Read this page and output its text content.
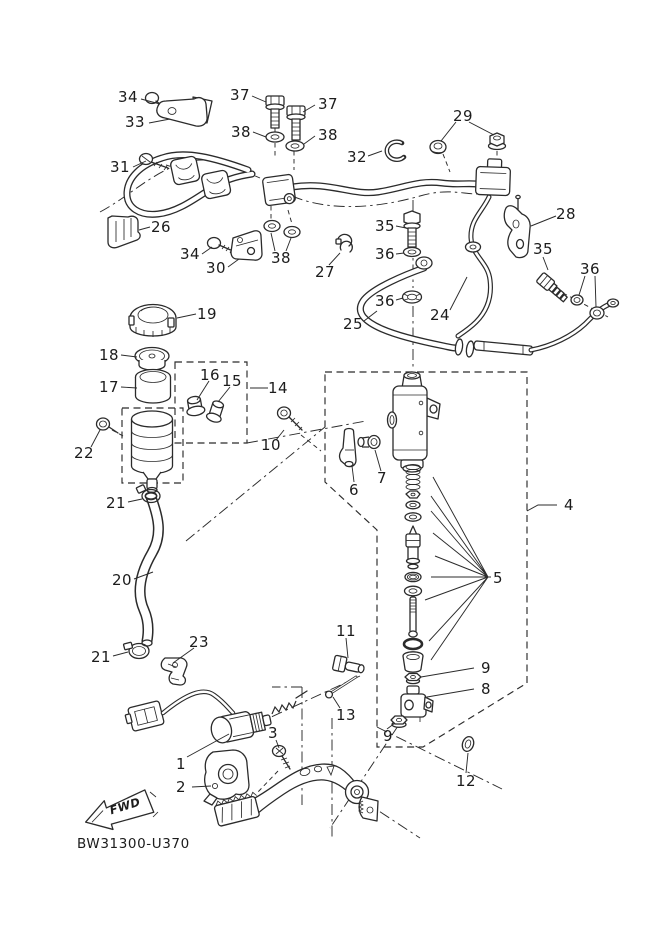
34
33
37
38
37
38
31
26
34
30
38
27
32
29
35
36
28
35
36
36
24
25
19
18
17
16 15 14
10
22
21
20
21
23
6
7
4
5
11
13
9
9
8
12
1
2
3
FWD
BW31300-U370
